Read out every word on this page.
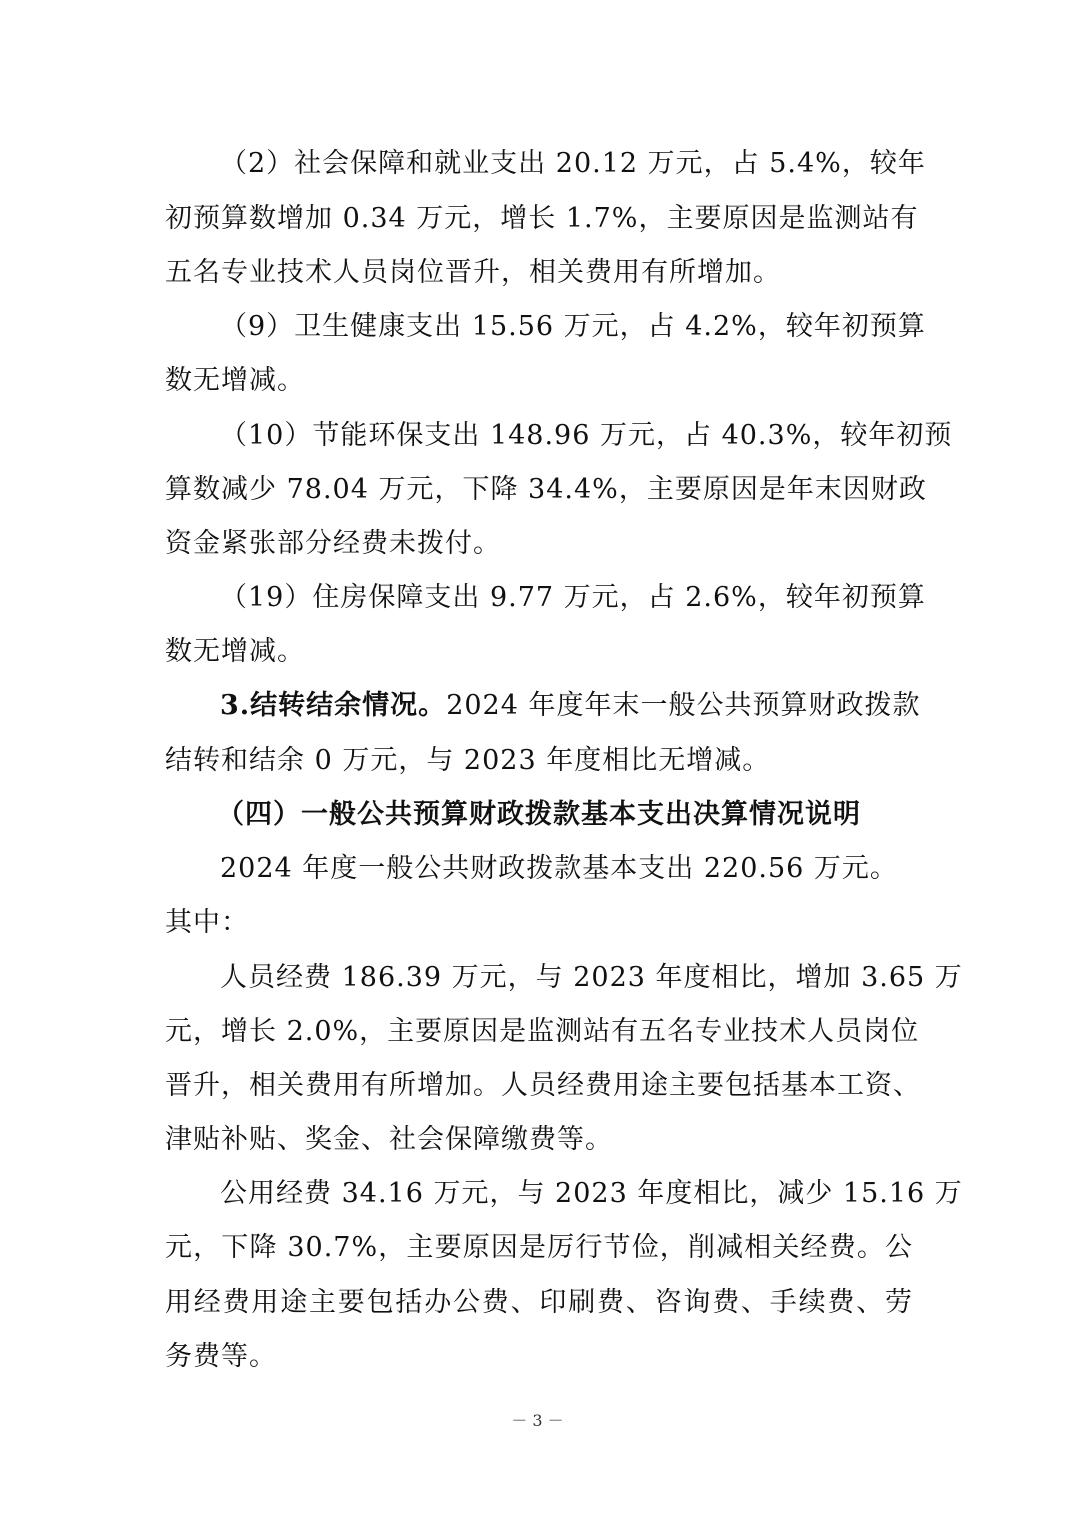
（2）社会保障和就业支出 20.12 万元，占 5.4%，较年
初预算数增加 0.34 万元，增长 1.7%，主要原因是监测站有
五名专业技术人员岗位晋升，相关费用有所增加。
（9）卫生健康支出 15.56 万元，占 4.2%，较年初预算
数无增减。
（10）节能环保支出 148.96 万元，占 40.3%，较年初预
算数减少 78.04 万元，下降 34.4%，主要原因是年末因财政
资金紧张部分经费未拨付。
（19）住房保障支出 9.77 万元，占 2.6%，较年初预算
数无增减。
3.结转结余情况。 2024 年度年末一般公共预算财政拨款
结转和结余 0 万元，与 2023 年度相比无增减。
（四）一般公共预算财政拨款基本支出决算情况说明
2024 年度一般公共财政拨款基本支出 220.56 万元。
其中：
人员经费 186.39 万元，与 2023 年度相比，增加 3.65 万
元，增长 2.0%，主要原因是监测站有五名专业技术人员岗位
晋升，相关费用有所增加。人员经费用途主要包括基本工资、
津贴补贴、奖金、社会保障缴费等。
公用经费 34.16 万元，与 2023 年度相比，减少 15.16 万
元，下降 30.7%，主要原因是厉行节俭，削减相关经费。公
用经费用途主要包括办公费、印刷费、咨询费、手续费、劳
务费等。
－ 3 －
